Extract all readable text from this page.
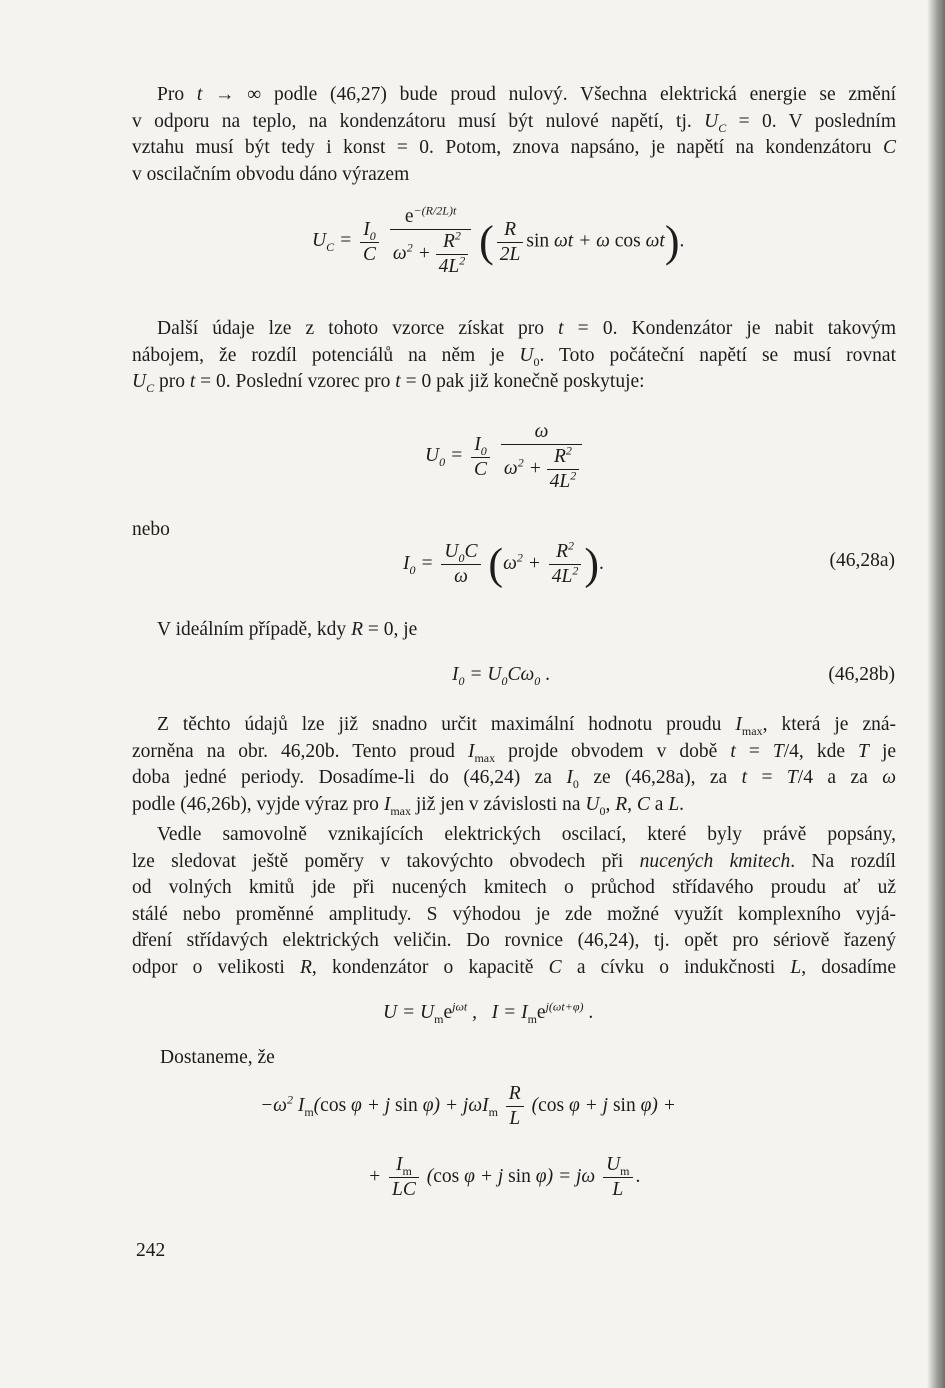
Pro t → ∞ podle (46,27) bude proud nulový. Všechna elektrická energie se změní
v odporu na teplo, na kondenzátoru musí být nulové napětí, tj. $U_C = 0$. V posledním
vztahu musí být tedy i konst = 0. Potom, znova napsáno, je napětí na kondenzátoru C
v oscilačním obvodu dáno výrazem
$U_C = \frac{I_0}{C}$
$\frac{e^{-(R/2L)t}}{\omega^2 + \frac{R^2}{4L^2}}$ ( $\frac{R}{2L}$ sin ωt + ω cos ωt).
Další údaje lze z tohoto vzorce získat pro t = 0. Kondenzátor je nabit takovým
nábojem, že rozdíl potenciálů na něm je $U_0$. Toto počáteční napětí se musí rovnat
$U_C$ pro t = 0. Poslední vzorec pro t = 0 pak již konečně poskytuje:
$U_0 = \frac{I_0}{C}$
$\frac{\omega}{\omega^2 + \frac{R^2}{4L^2}}$
nebo
$I_0 = \frac{U_0C}{\omega} (\omega^2 + \frac{R^2}{4L^2}$ ).	(46,28a)
V ideálním případě, kdy R = 0, je
$I_0 = U_0C\omega_0$ .	(46,28b)
Z těchto údajů lze již snadno určit maximální hodnotu proudu $I_{max}$, která je zná-
zorněna na obr. 46,20b. Tento proud $I_{max}$ projde obvodem v době t = T/4, kde T je
doba jedné periody. Dosadíme-li do (46,24) za $I_0$ ze (46,28a), za t = T/4 a za ω
podle (46,26b), vyjde výraz pro $I_{max}$ již jen v závislosti na $U_0$, R, C a L.
Vedle samovolně vznikajících elektrických oscilací, které byly právě popsány,
lze sledovat ještě poměry v takovýchto obvodech při nucených kmitech. Na rozdíl
od volných kmitů jde při nucených kmitech o průchod střídavého proudu ať už
stálé nebo proměnné amplitudy. S výhodou je zde možné využít komplexního vyjá-
dření střídavých elektrických veličin. Do rovnice (46,24), tj. opět pro sériově řazený
odpor o velikosti R, kondenzátor o kapacitě C a cívku o indukčnosti L, dosadíme
$U = U_me^{j\omega t}$ ,   $I = I_me^{j(\omega t+\varphi)}$ .
Dostaneme, že
$-\omega^2$ $I_m(\cos$ φ + j $\sin \varphi) + j\omega I_m \frac{R}{L} (\cos$ φ + j sin φ) +
+ $\frac{I_m}{LC} (\cos$ φ + j sin φ) = jω $\frac{U_m}{L}$ .
242
